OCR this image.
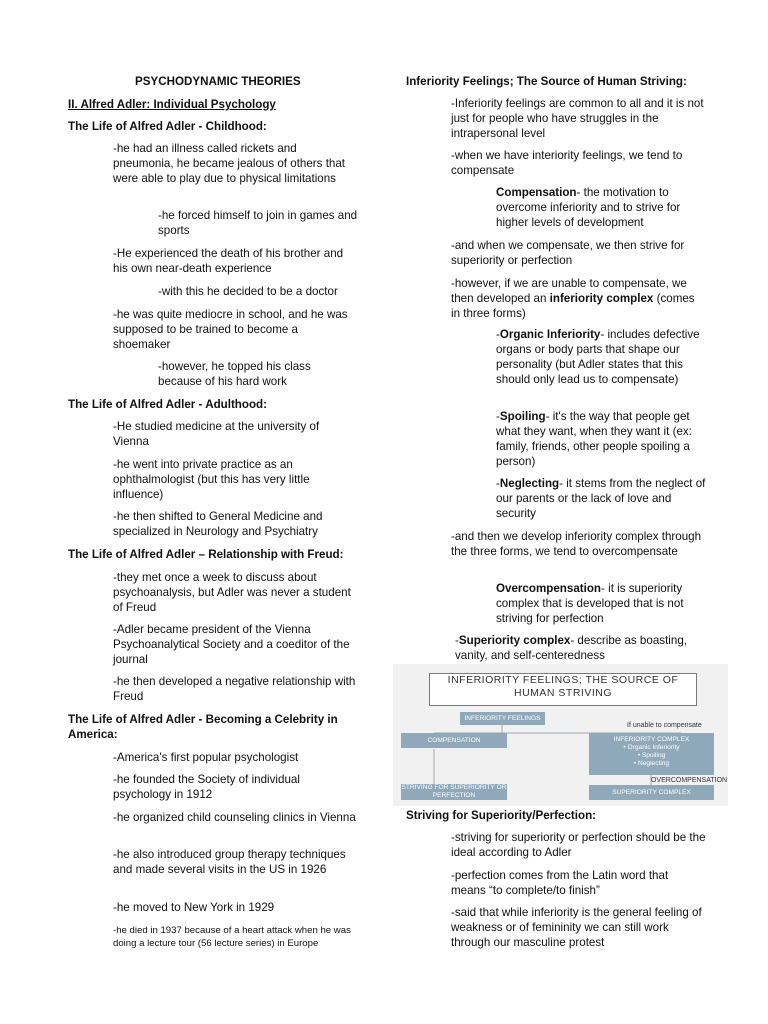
PSYCHODYNAMIC THEORIES

II. Alfred Adler: Individual Psychology

The Life of Alfred Adler - Childhood:

-he had an illness called rickets and pneumonia, he became jealous of others that were able to play due to physical limitations

-he forced himself to join in games and sports

-He experienced the death of his brother and his own near-death experience

-with this he decided to be a doctor

-he was quite mediocre in school, and he was supposed to be trained to become a shoemaker

-however, he topped his class because of his hard work

The Life of Alfred Adler - Adulthood:

-He studied medicine at the university of Vienna

-he went into private practice as an ophthalmologist (but this has very little influence)

-he then shifted to General Medicine and specialized in Neurology and Psychiatry

The Life of Alfred Adler – Relationship with Freud:

-they met once a week to discuss about psychoanalysis, but Adler was never a student of Freud

-Adler became president of the Vienna Psychoanalytical Society and a coeditor of the journal

-he then developed a negative relationship with Freud

The Life of Alfred Adler - Becoming a Celebrity in America:

-America's first popular psychologist

-he founded the Society of individual psychology in 1912

-he organized child counseling clinics in Vienna

-he also introduced group therapy techniques and made several visits in the US in 1926

-he moved to New York in 1929

-he died in 1937 because of a heart attack when he was doing a lecture tour (56 lecture series) in Europe

Inferiority Feelings; The Source of Human Striving:

-Inferiority feelings are common to all and it is not just for people who have struggles in the intrapersonal level

-when we have interiority feelings, we tend to compensate

Compensation- the motivation to overcome inferiority and to strive for higher levels of development

-and when we compensate, we then strive for superiority or perfection

-however, if we are unable to compensate, we then developed an inferiority complex (comes in three forms)

-Organic Inferiority- includes defective organs or body parts that shape our personality (but Adler states that this should only lead us to compensate)

-Spoiling- it's the way that people get what they want, when they want it (ex: family, friends, other people spoiling a person)

-Neglecting- it stems from the neglect of our parents or the lack of love and security

-and then we develop inferiority complex through the three forms, we tend to overcompensate

Overcompensation- it is superiority complex that is developed that is not striving for perfection

-Superiority complex- describe as boasting, vanity, and self-centeredness

INFERIORITY FEELINGS; THE SOURCE OF HUMAN STRIVING
INFERIORITY FEELINGS
If unable to compensate
COMPENSATION	INFERIORITY COMPLEX
• Organic Inferiority
• Spoiling
• Neglecting
OVERCOMPENSATION
STRIVING FOR SUPERIORITY OR PERFECTION	SUPERIORITY COMPLEX

Striving for Superiority/Perfection:

-striving for superiority or perfection should be the ideal according to Adler

-perfection comes from the Latin word that means “to complete/to finish”

-said that while inferiority is the general feeling of weakness or of femininity we can still work through our masculine protest
